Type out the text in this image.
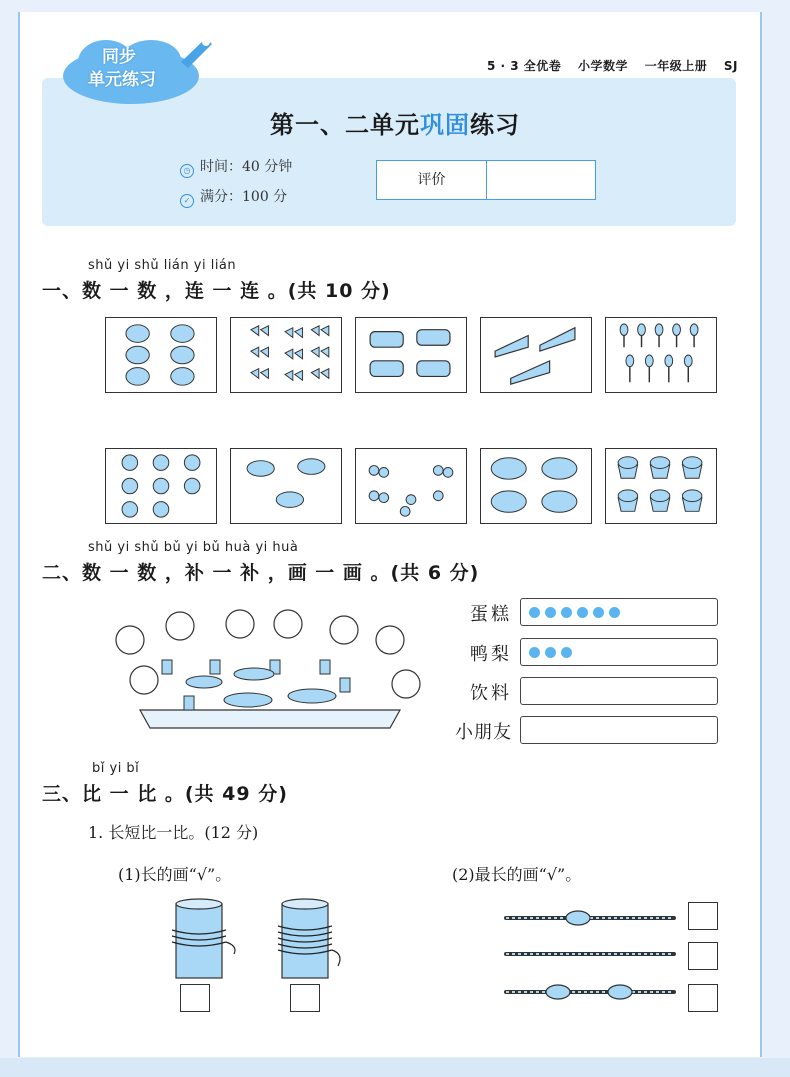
同步
单元练习
5 · 3 全优卷 小学数学 一年级上册 SJ
第一、二单元巩固练习
◷ 时间：40 分钟
✓ 满分：100 分
评价
shǔ yi shǔ lián yi lián
一、数 一 数 ，连 一 连 。(共 10 分)
shǔ yi shǔ bǔ yi bǔ huà yi huà
二、数 一 数 ，补 一 补 ，画 一 画 。(共 6 分)
蛋糕
鸭梨
饮料
小朋友
bǐ yi bǐ
三、比 一 比 。(共 49 分)
1. 长短比一比。(12 分)
(1)长的画“√”。	(2)最长的画“√”。
